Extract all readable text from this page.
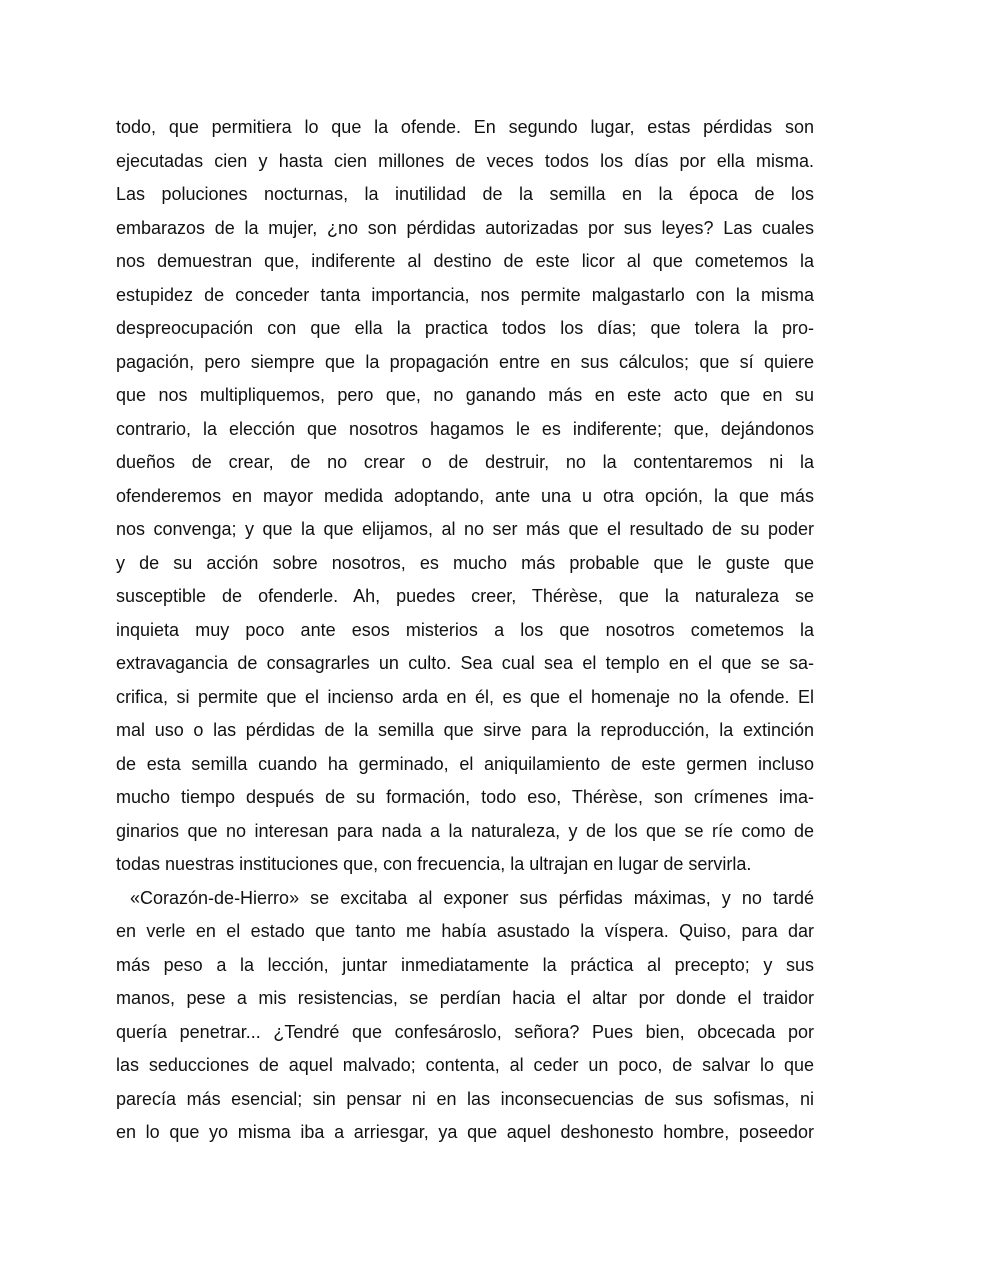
todo, que permitiera lo que la ofende. En segundo lugar, estas pérdidas son
ejecutadas cien y hasta cien millones de veces todos los días por ella misma.
Las poluciones nocturnas, la inutilidad de la semilla en la época de los
embarazos de la mujer, ¿no son pérdidas autorizadas por sus leyes? Las cuales
nos demuestran que, indiferente al destino de este licor al que cometemos la
estupidez de conceder tanta importancia, nos permite malgastarlo con la misma
despreocupación con que ella la practica todos los días; que tolera la pro-
pagación, pero siempre que la propagación entre en sus cálculos; que sí quiere
que nos multipliquemos, pero que, no ganando más en este acto que en su
contrario, la elección que nosotros hagamos le es indiferente; que, dejándonos
dueños de crear, de no crear o de destruir, no la contentaremos ni la
ofenderemos en mayor medida adoptando, ante una u otra opción, la que más
nos convenga; y que la que elijamos, al no ser más que el resultado de su poder
y de su acción sobre nosotros, es mucho más probable que le guste que
susceptible de ofenderle. Ah, puedes creer, Thérèse, que la naturaleza se
inquieta muy poco ante esos misterios a los que nosotros cometemos la
extravagancia de consagrarles un culto. Sea cual sea el templo en el que se sa-
crifica, si permite que el incienso arda en él, es que el homenaje no la ofende. El
mal uso o las pérdidas de la semilla que sirve para la reproducción, la extinción
de esta semilla cuando ha germinado, el aniquilamiento de este germen incluso
mucho tiempo después de su formación, todo eso, Thérèse, son crímenes ima-
ginarios que no interesan para nada a la naturaleza, y de los que se ríe como de
todas nuestras instituciones que, con frecuencia, la ultrajan en lugar de servirla.
«Corazón-de-Hierro» se excitaba al exponer sus pérfidas máximas, y no tardé
en verle en el estado que tanto me había asustado la víspera. Quiso, para dar
más peso a la lección, juntar inmediatamente la práctica al precepto; y sus
manos, pese a mis resistencias, se perdían hacia el altar por donde el traidor
quería penetrar... ¿Tendré que confesároslo, señora? Pues bien, obcecada por
las seducciones de aquel malvado; contenta, al ceder un poco, de salvar lo que
parecía más esencial; sin pensar ni en las inconsecuencias de sus sofismas, ni
en lo que yo misma iba a arriesgar, ya que aquel deshonesto hombre, poseedor
